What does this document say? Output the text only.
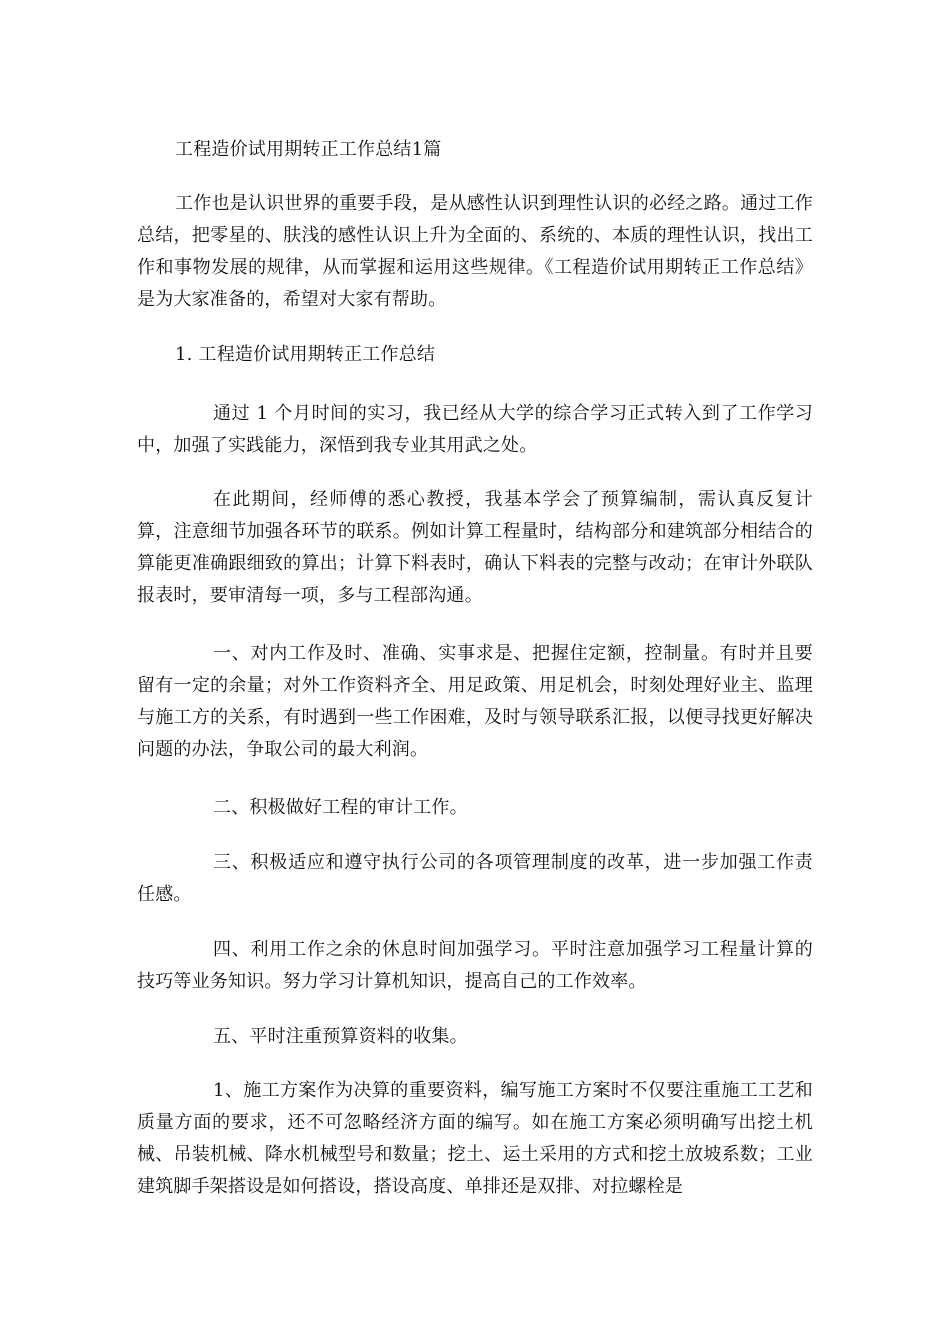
工程造价试用期转正工作总结1篇

工作也是认识世界的重要手段，是从感性认识到理性认识的必经之路。通过工作总结，把零星的、肤浅的感性认识上升为全面的、系统的、本质的理性认识，找出工作和事物发展的规律，从而掌握和运用这些规律。《工程造价试用期转正工作总结》是为大家准备的，希望对大家有帮助。

1. 工程造价试用期转正工作总结

通过 1 个月时间的实习，我已经从大学的综合学习正式转入到了工作学习中，加强了实践能力，深悟到我专业其用武之处。

在此期间，经师傅的悉心教授，我基本学会了预算编制，需认真反复计算，注意细节加强各环节的联系。例如计算工程量时，结构部分和建筑部分相结合的算能更准确跟细致的算出；计算下料表时，确认下料表的完整与改动；在审计外联队报表时，要审清每一项，多与工程部沟通。

一、对内工作及时、准确、实事求是、把握住定额，控制量。有时并且要留有一定的余量；对外工作资料齐全、用足政策、用足机会，时刻处理好业主、监理与施工方的关系，有时遇到一些工作困难，及时与领导联系汇报，以便寻找更好解决问题的办法，争取公司的最大利润。

二、积极做好工程的审计工作。

三、积极适应和遵守执行公司的各项管理制度的改革，进一步加强工作责任感。

四、利用工作之余的休息时间加强学习。平时注意加强学习工程量计算的技巧等业务知识。努力学习计算机知识，提高自己的工作效率。

五、平时注重预算资料的收集。

1、施工方案作为决算的重要资料，编写施工方案时不仅要注重施工工艺和质量方面的要求，还不可忽略经济方面的编写。如在施工方案必须明确写出挖土机械、吊装机械、降水机械型号和数量；挖土、运土采用的方式和挖土放坡系数；工业建筑脚手架搭设是如何搭设，搭设高度、单排还是双排、对拉螺栓是
